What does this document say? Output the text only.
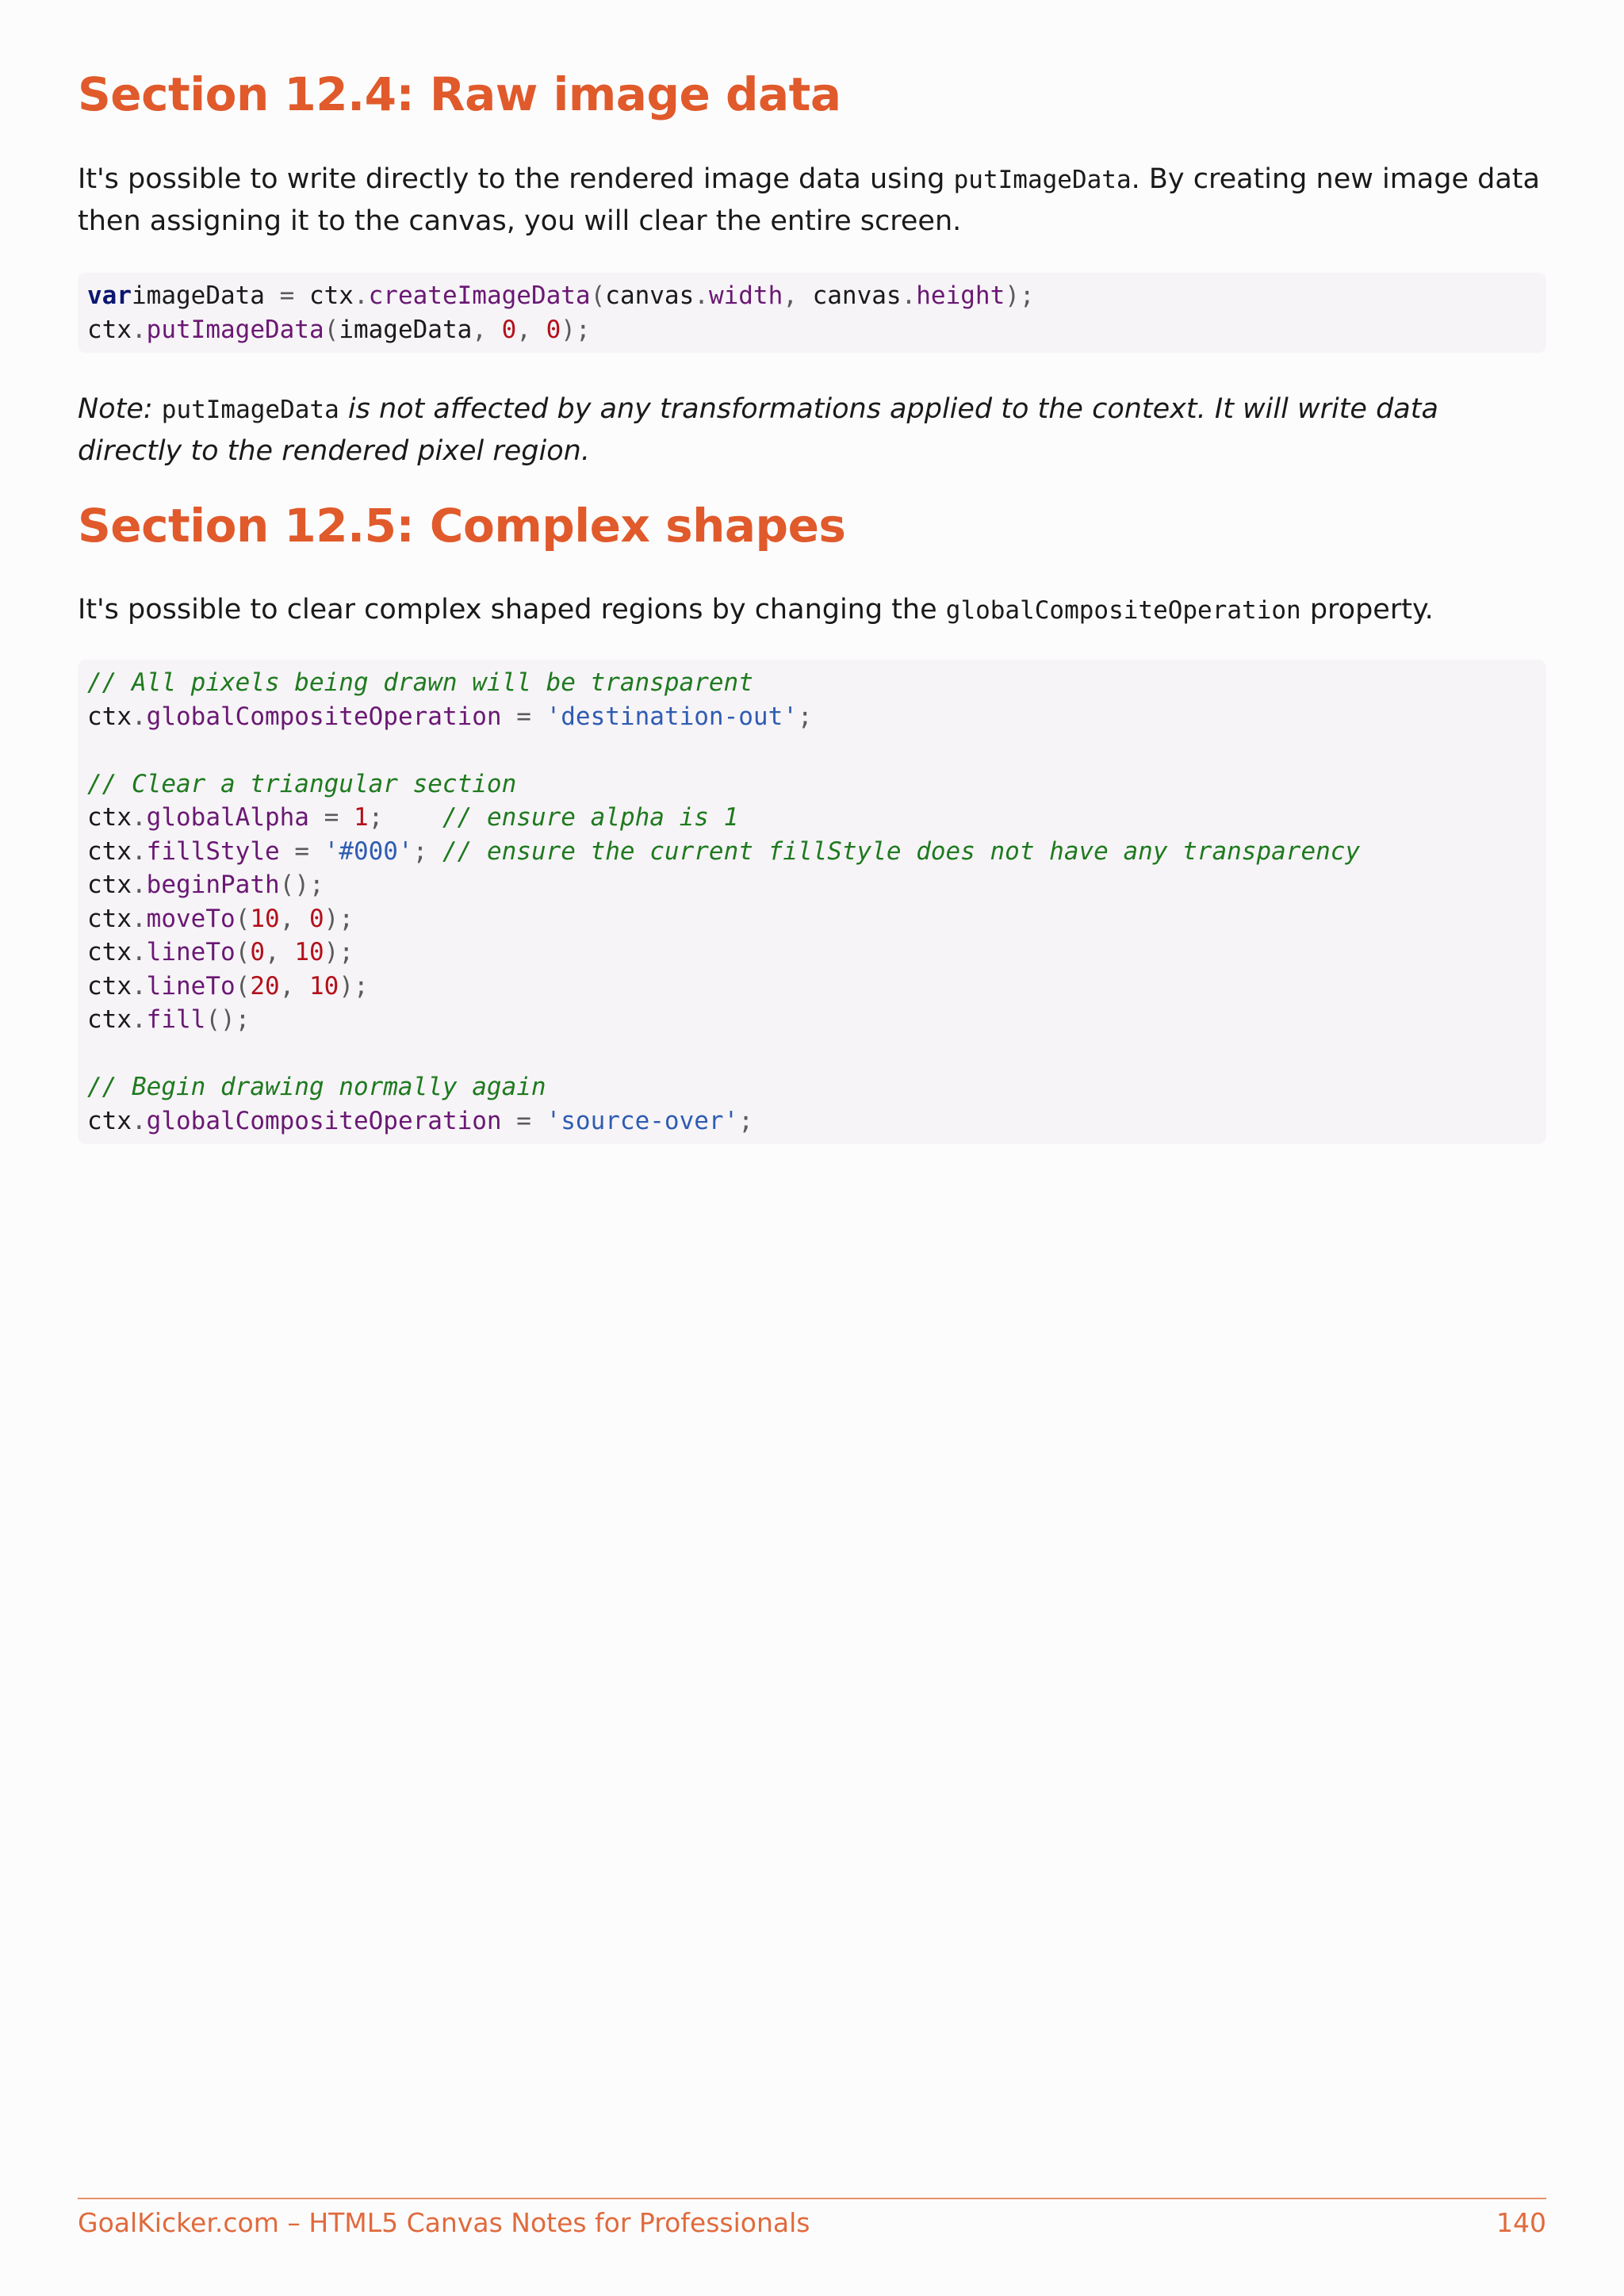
Section 12.4: Raw image data

It's possible to write directly to the rendered image data using putImageData. By creating new image data then assigning it to the canvas, you will clear the entire screen.

varimageData = ctx.createImageData(canvas.width, canvas.height);
ctx.putImageData(imageData, 0, 0);

Note: putImageData is not affected by any transformations applied to the context. It will write data directly to the rendered pixel region.

Section 12.5: Complex shapes

It's possible to clear complex shaped regions by changing the globalCompositeOperation property.

// All pixels being drawn will be transparent
ctx.globalCompositeOperation = 'destination-out';
// Clear a triangular section
ctx.globalAlpha = 1;    // ensure alpha is 1
ctx.fillStyle = '#000'; // ensure the current fillStyle does not have any transparency
ctx.beginPath();
ctx.moveTo(10, 0);
ctx.lineTo(0, 10);
ctx.lineTo(20, 10);
ctx.fill();
// Begin drawing normally again
ctx.globalCompositeOperation = 'source-over';
GoalKicker.com – HTML5 Canvas Notes for Professionals	140
